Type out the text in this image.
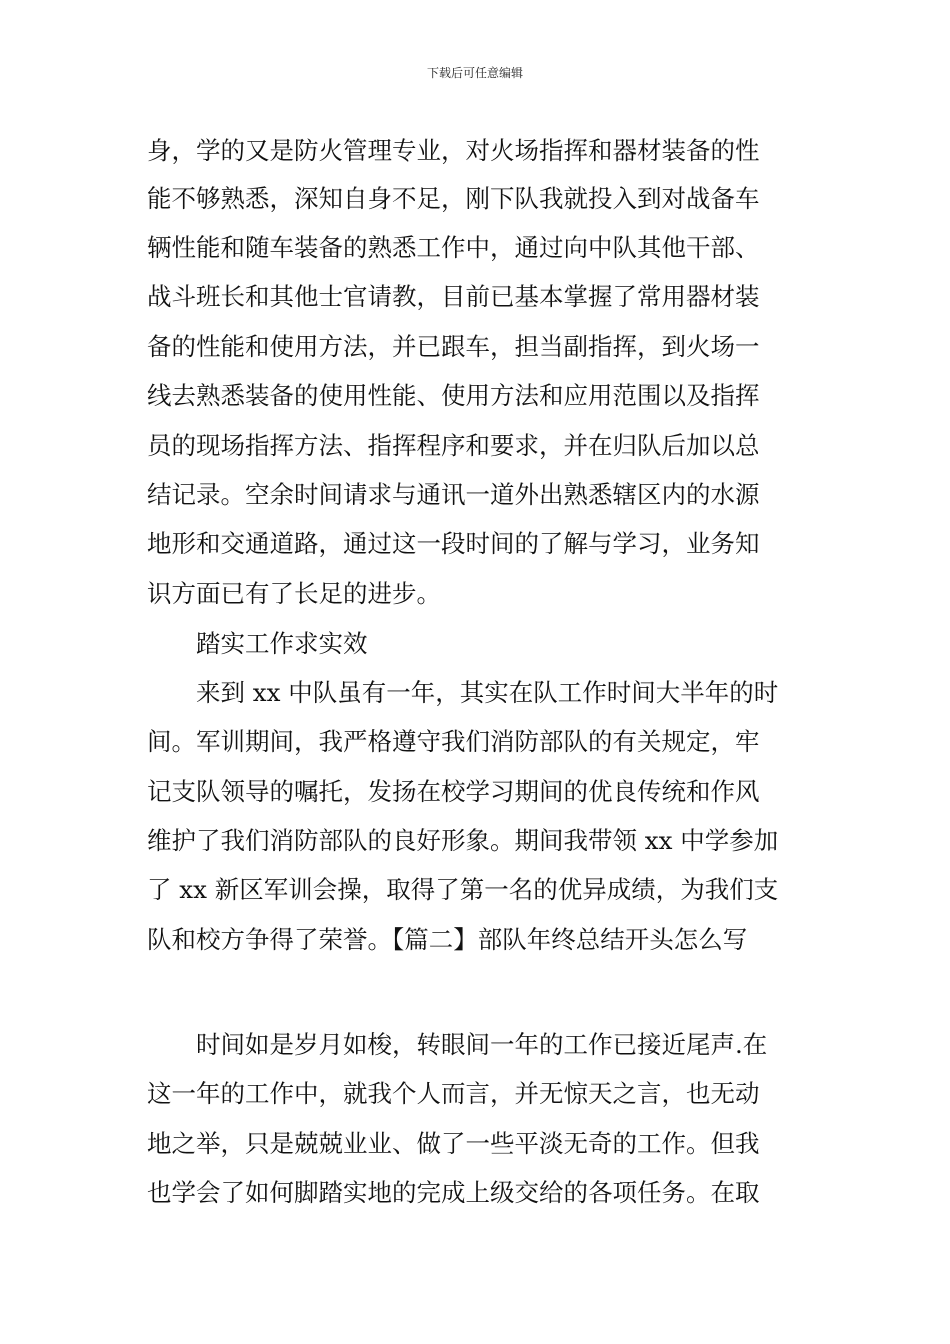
下载后可任意编辑
身，学的又是防火管理专业，对火场指挥和器材装备的性
能不够熟悉，深知自身不足，刚下队我就投入到对战备车
辆性能和随车装备的熟悉工作中，通过向中队其他干部、
战斗班长和其他士官请教，目前已基本掌握了常用器材装
备的性能和使用方法，并已跟车，担当副指挥，到火场一
线去熟悉装备的使用性能、使用方法和应用范围以及指挥
员的现场指挥方法、指挥程序和要求，并在归队后加以总
结记录。空余时间请求与通讯一道外出熟悉辖区内的水源
地形和交通道路，通过这一段时间的了解与学习，业务知
识方面已有了长足的进步。
踏实工作求实效
来到 xx 中队虽有一年，其实在队工作时间大半年的时
间。军训期间，我严格遵守我们消防部队的有关规定，牢
记支队领导的嘱托，发扬在校学习期间的优良传统和作风
维护了我们消防部队的良好形象。期间我带领 xx 中学参加
了 xx 新区军训会操，取得了第一名的优异成绩，为我们支
队和校方争得了荣誉。【篇二】部队年终总结开头怎么写
时间如是岁月如梭，转眼间一年的工作已接近尾声.在
这一年的工作中，就我个人而言，并无惊天之言，也无动
地之举，只是兢兢业业、做了一些平淡无奇的工作。但我
也学会了如何脚踏实地的完成上级交给的各项任务。在取
